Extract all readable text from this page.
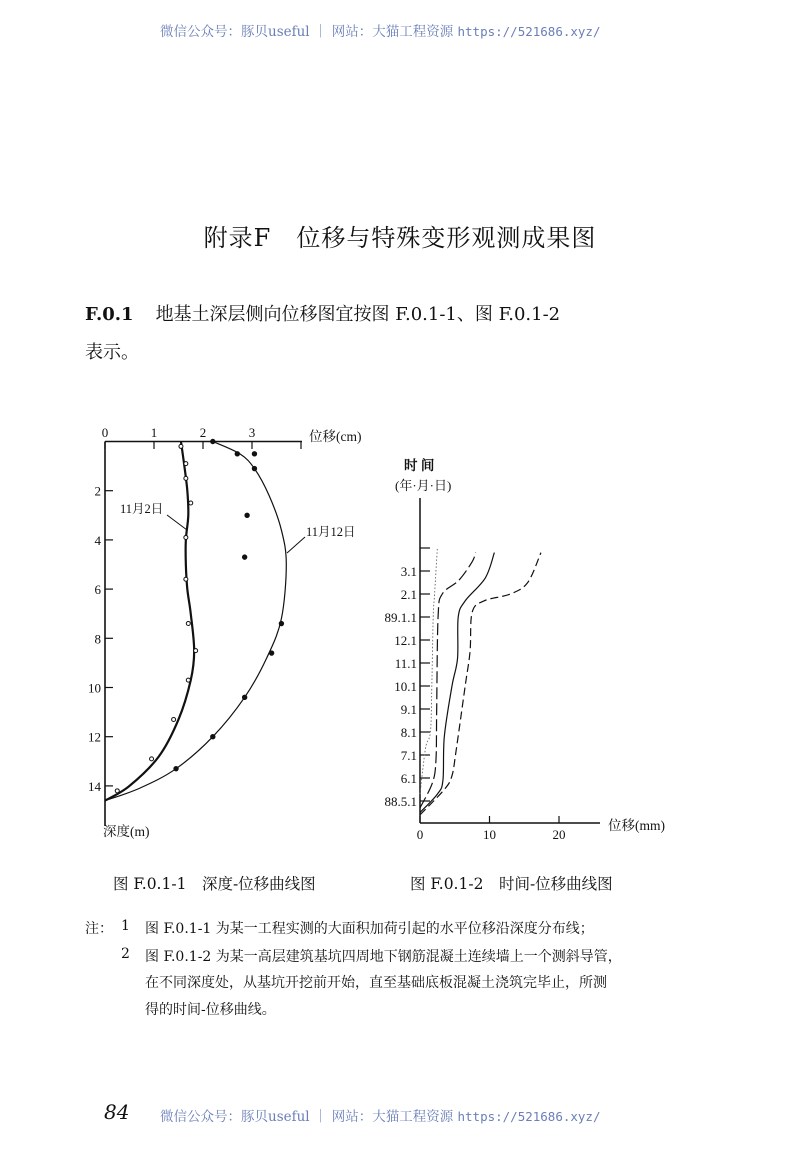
微信公众号：豚贝useful ｜ 网站：大猫工程资源 https://521686.xyz/
附录F　位移与特殊变形观测成果图
F.0.1 地基土深层侧向位移图宜按图 F.0.1-1、图 F.0.1-2
表示。
0	1	2	3
2
4
6
8
10
12
14
位移(cm)
深度(m)
11月2日
11月12日
0	10	20
88.5.1
6.1
7.1
8.1
9.1
10.1
11.1
12.1
89.1.1
2.1
3.1
位移(mm)
时 间
(年·月·日)
图 F.0.1-1　深度-位移曲线图	图 F.0.1-2　时间-位移曲线图
注： 1 图 F.0.1-1 为某一工程实测的大面积加荷引起的水平位移沿深度分布线；
2 图 F.0.1-2 为某一高层建筑基坑四周地下钢筋混凝土连续墙上一个测斜导管，
在不同深度处，从基坑开挖前开始，直至基础底板混凝土浇筑完毕止，所测
得的时间-位移曲线。
84 微信公众号：豚贝useful ｜ 网站：大猫工程资源 https://521686.xyz/
